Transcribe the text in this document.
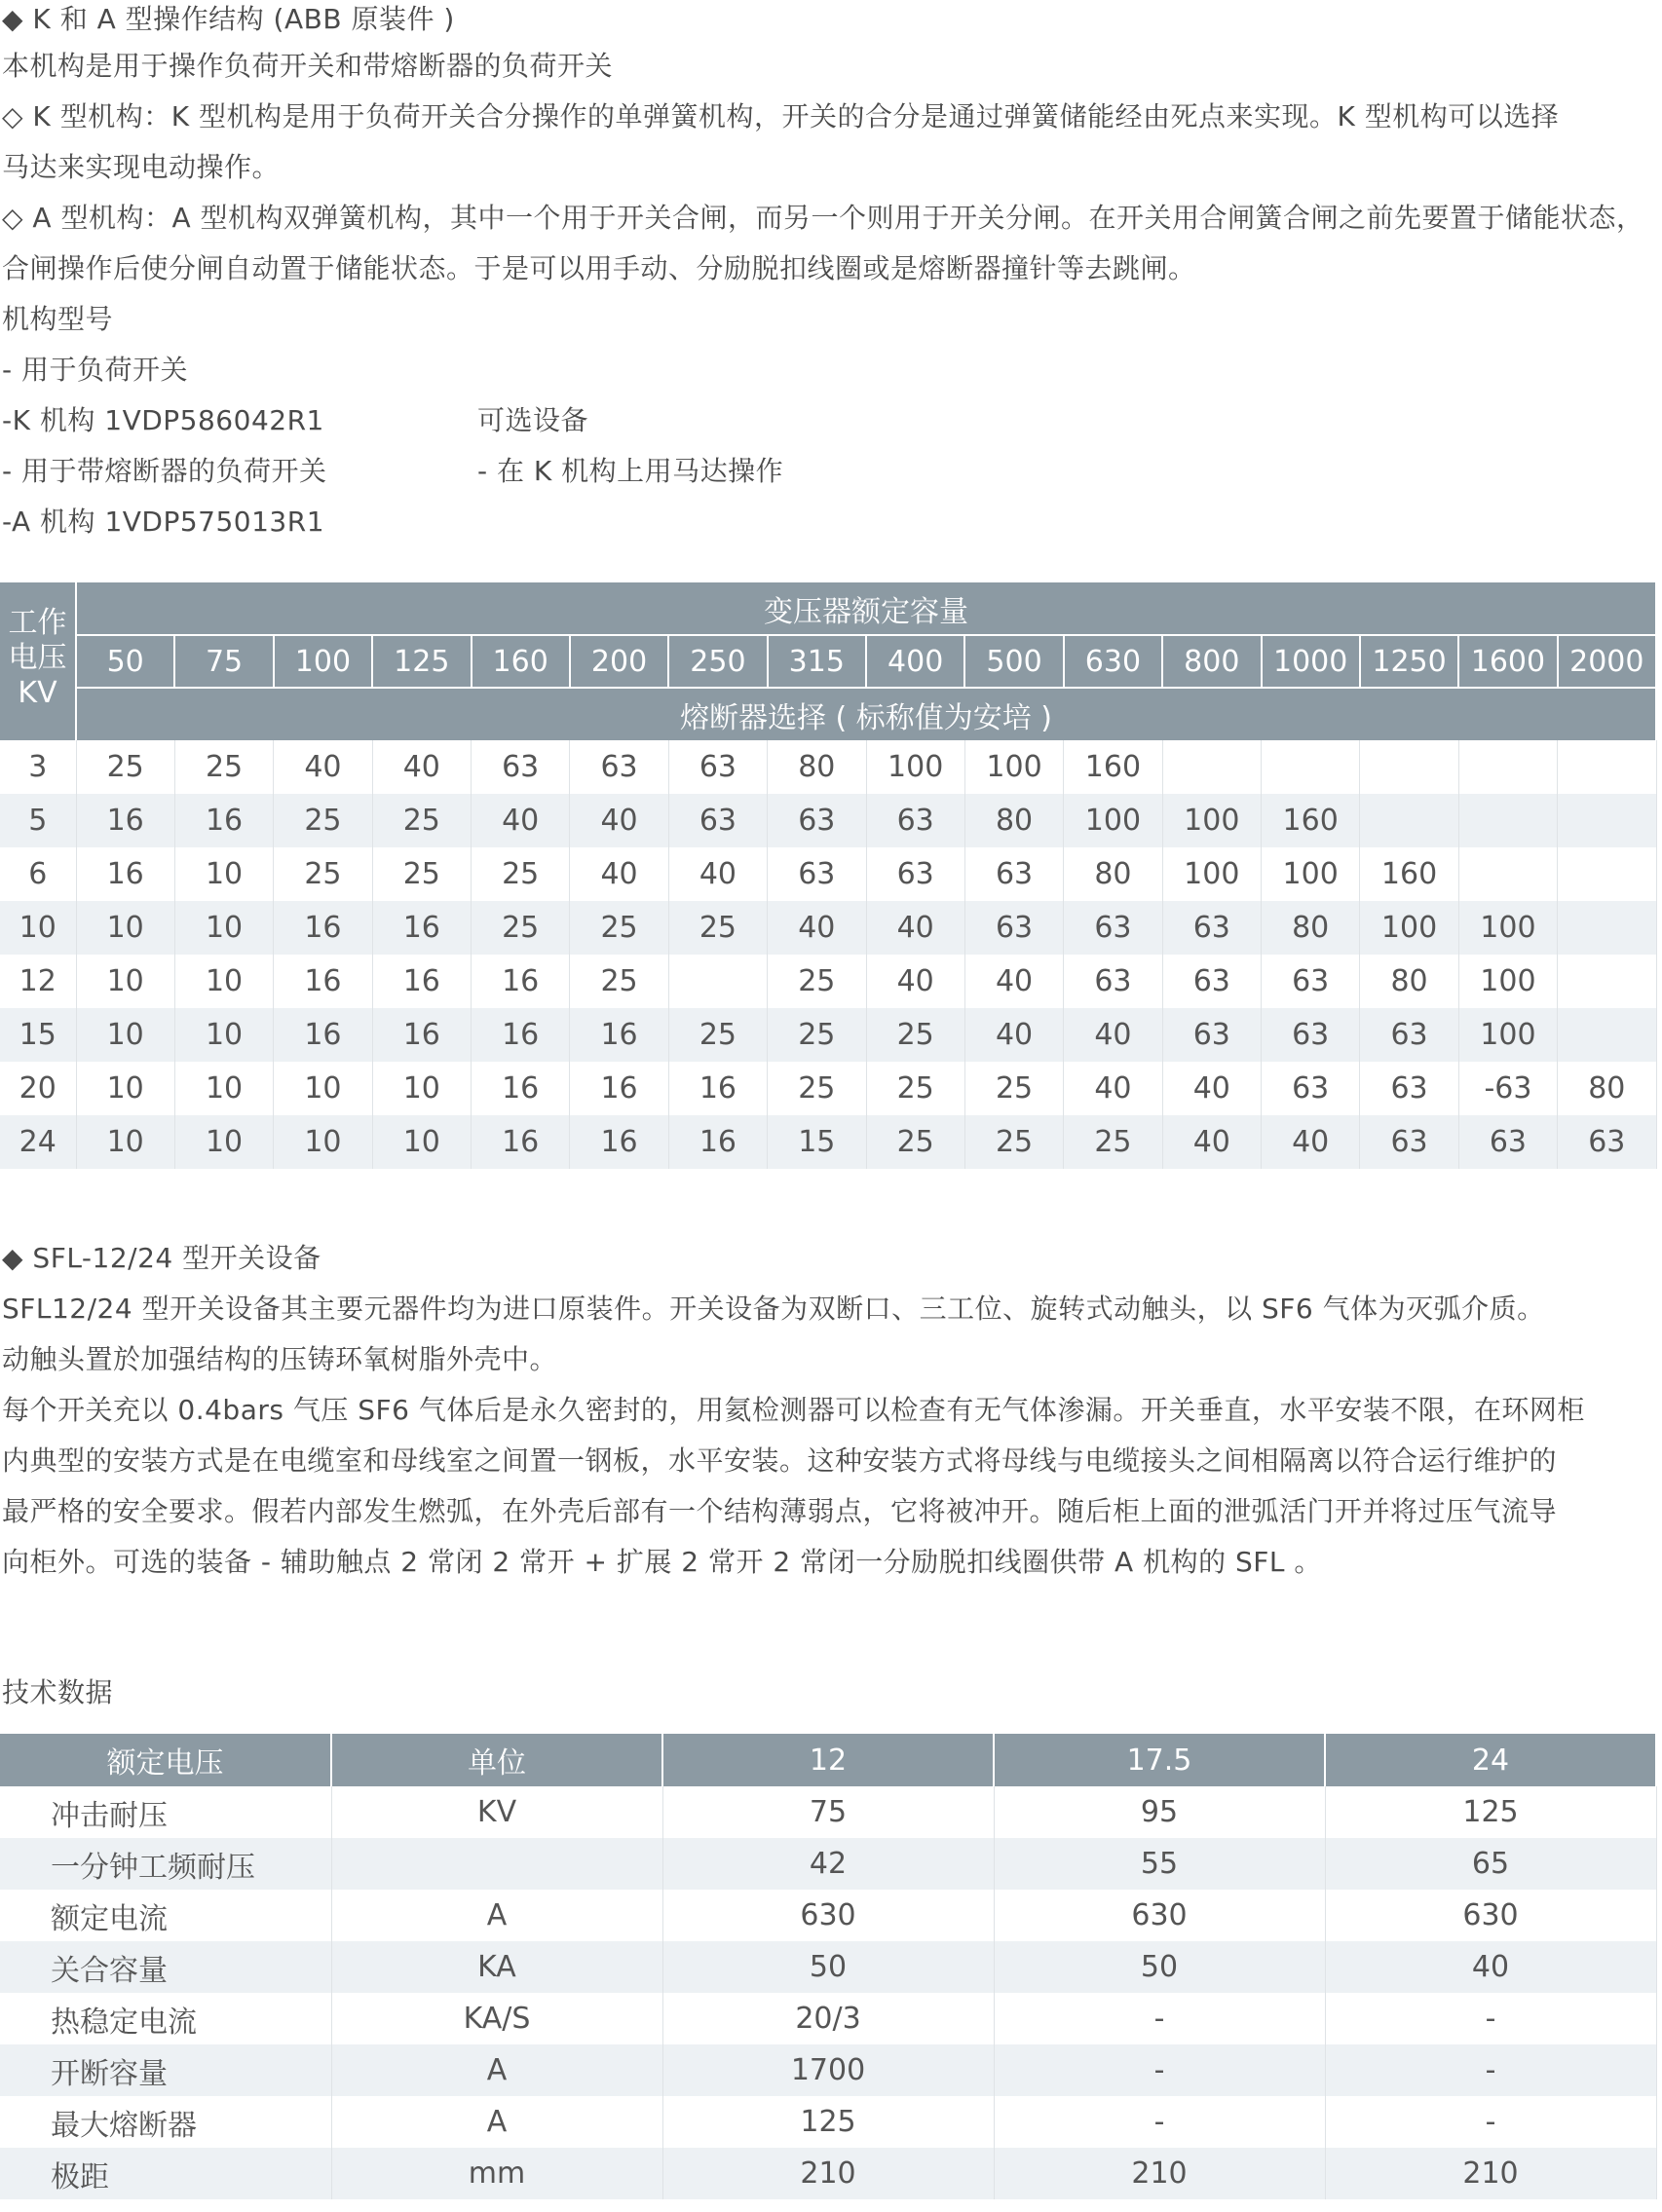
◆ K 和 A 型操作结构 (ABB 原装件 )
本机构是用于操作负荷开关和带熔断器的负荷开关
◇ K 型机构：K 型机构是用于负荷开关合分操作的单弹簧机构，开关的合分是通过弹簧储能经由死点来实现。K 型机构可以选择
马达来实现电动操作。
◇ A 型机构：A 型机构双弹簧机构，其中一个用于开关合闸，而另一个则用于开关分闸。在开关用合闸簧合闸之前先要置于储能状态，
合闸操作后使分闸自动置于储能状态。于是可以用手动、分励脱扣线圈或是熔断器撞针等去跳闸。
机构型号
- 用于负荷开关
-K 机构 1VDP586042R1	可选设备
- 用于带熔断器的负荷开关	- 在 K 机构上用马达操作
-A 机构 1VDP575013R1
工作
电压
KV	变压器额定容量															
	50	75	100	125	160	200	250	315	400	500	630	800	1000	1250	1600	2000
	熔断器选择 ( 标称值为安培 )															
3	25	25	40	40	63	63	63	80	100	100	160					
5	16	16	25	25	40	40	63	63	63	80	100	100	160			
6	16	10	25	25	25	40	40	63	63	63	80	100	100	160		
10	10	10	16	16	25	25	25	40	40	63	63	63	80	100	100	
12	10	10	16	16	16	25		25	40	40	63	63	63	80	100	
15	10	10	16	16	16	16	25	25	25	40	40	63	63	63	100	
20	10	10	10	10	16	16	16	25	25	25	40	40	63	63	-63	80
24	10	10	10	10	16	16	16	15	25	25	25	40	40	63	63	63
◆ SFL-12/24 型开关设备
SFL12/24 型开关设备其主要元器件均为进口原装件。开关设备为双断口、三工位、旋转式动触头，以 SF6 气体为灭弧介质。
动触头置於加强结构的压铸环氧树脂外壳中。
每个开关充以 0.4bars 气压 SF6 气体后是永久密封的，用氦检测器可以检查有无气体渗漏。开关垂直，水平安装不限，在环网柜
内典型的安装方式是在电缆室和母线室之间置一钢板，水平安装。这种安装方式将母线与电缆接头之间相隔离以符合运行维护的
最严格的安全要求。假若内部发生燃弧，在外壳后部有一个结构薄弱点，它将被冲开。随后柜上面的泄弧活门开并将过压气流导
向柜外。可选的装备 - 辅助触点 2 常闭 2 常开 + 扩展 2 常开 2 常闭一分励脱扣线圈供带 A 机构的 SFL 。
技术数据
额定电压	单位	12	17.5	24
冲击耐压	KV	75	95	125
一分钟工频耐压		42	55	65
额定电流	A	630	630	630
关合容量	KA	50	50	40
热稳定电流	KA/S	20/3	-	-
开断容量	A	1700	-	-
最大熔断器	A	125	-	-
极距	mm	210	210	210
